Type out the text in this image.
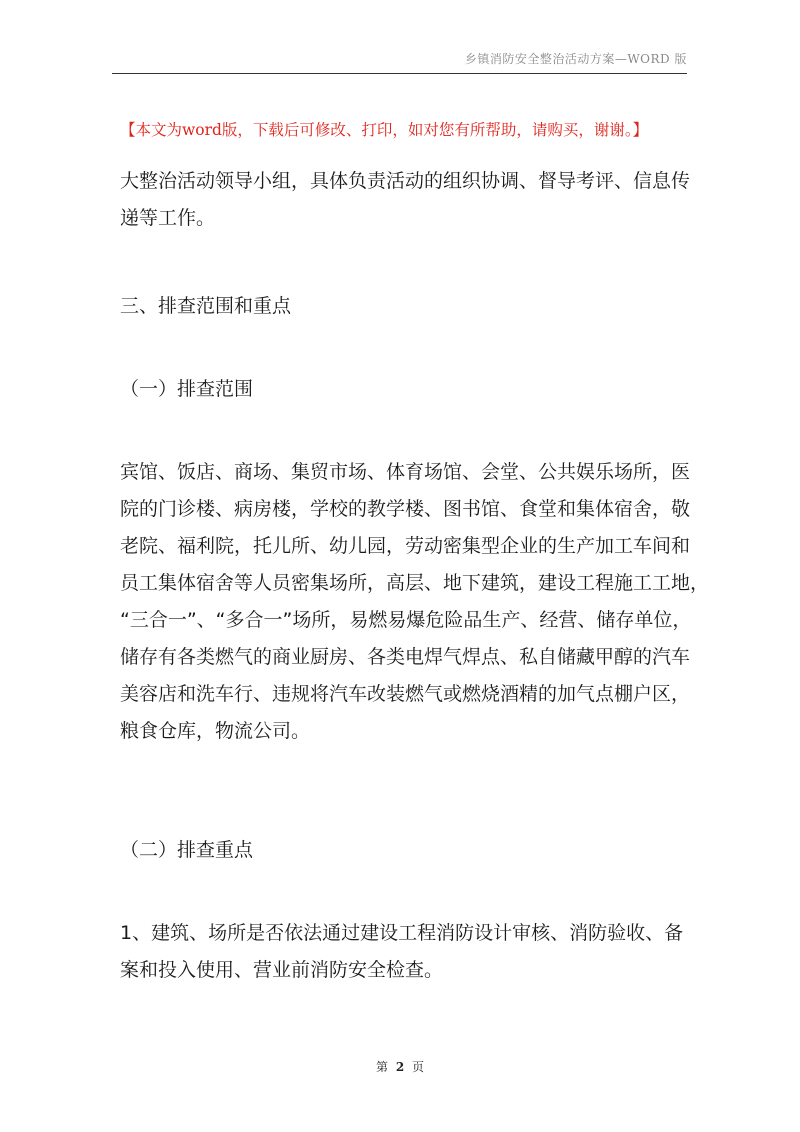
乡镇消防安全整治活动方案—WORD 版
【本文为word版，下载后可修改、打印，如对您有所帮助，请购买，谢谢。】
大整治活动领导小组，具体负责活动的组织协调、督导考评、信息传
递等工作。
三、排查范围和重点
（一）排查范围
宾馆、饭店、商场、集贸市场、体育场馆、会堂、公共娱乐场所，医
院的门诊楼、病房楼，学校的教学楼、图书馆、食堂和集体宿舍，敬
老院、福利院，托儿所、幼儿园，劳动密集型企业的生产加工车间和
员工集体宿舍等人员密集场所，高层、地下建筑，建设工程施工工地，
“三合一”、“多合一”场所，易燃易爆危险品生产、经营、储存单位，
储存有各类燃气的商业厨房、各类电焊气焊点、私自储藏甲醇的汽车
美容店和洗车行、违规将汽车改装燃气或燃烧酒精的加气点棚户区，
粮食仓库，物流公司。
（二）排查重点
1、建筑、场所是否依法通过建设工程消防设计审核、消防验收、备
案和投入使用、营业前消防安全检查。
第 2 页
